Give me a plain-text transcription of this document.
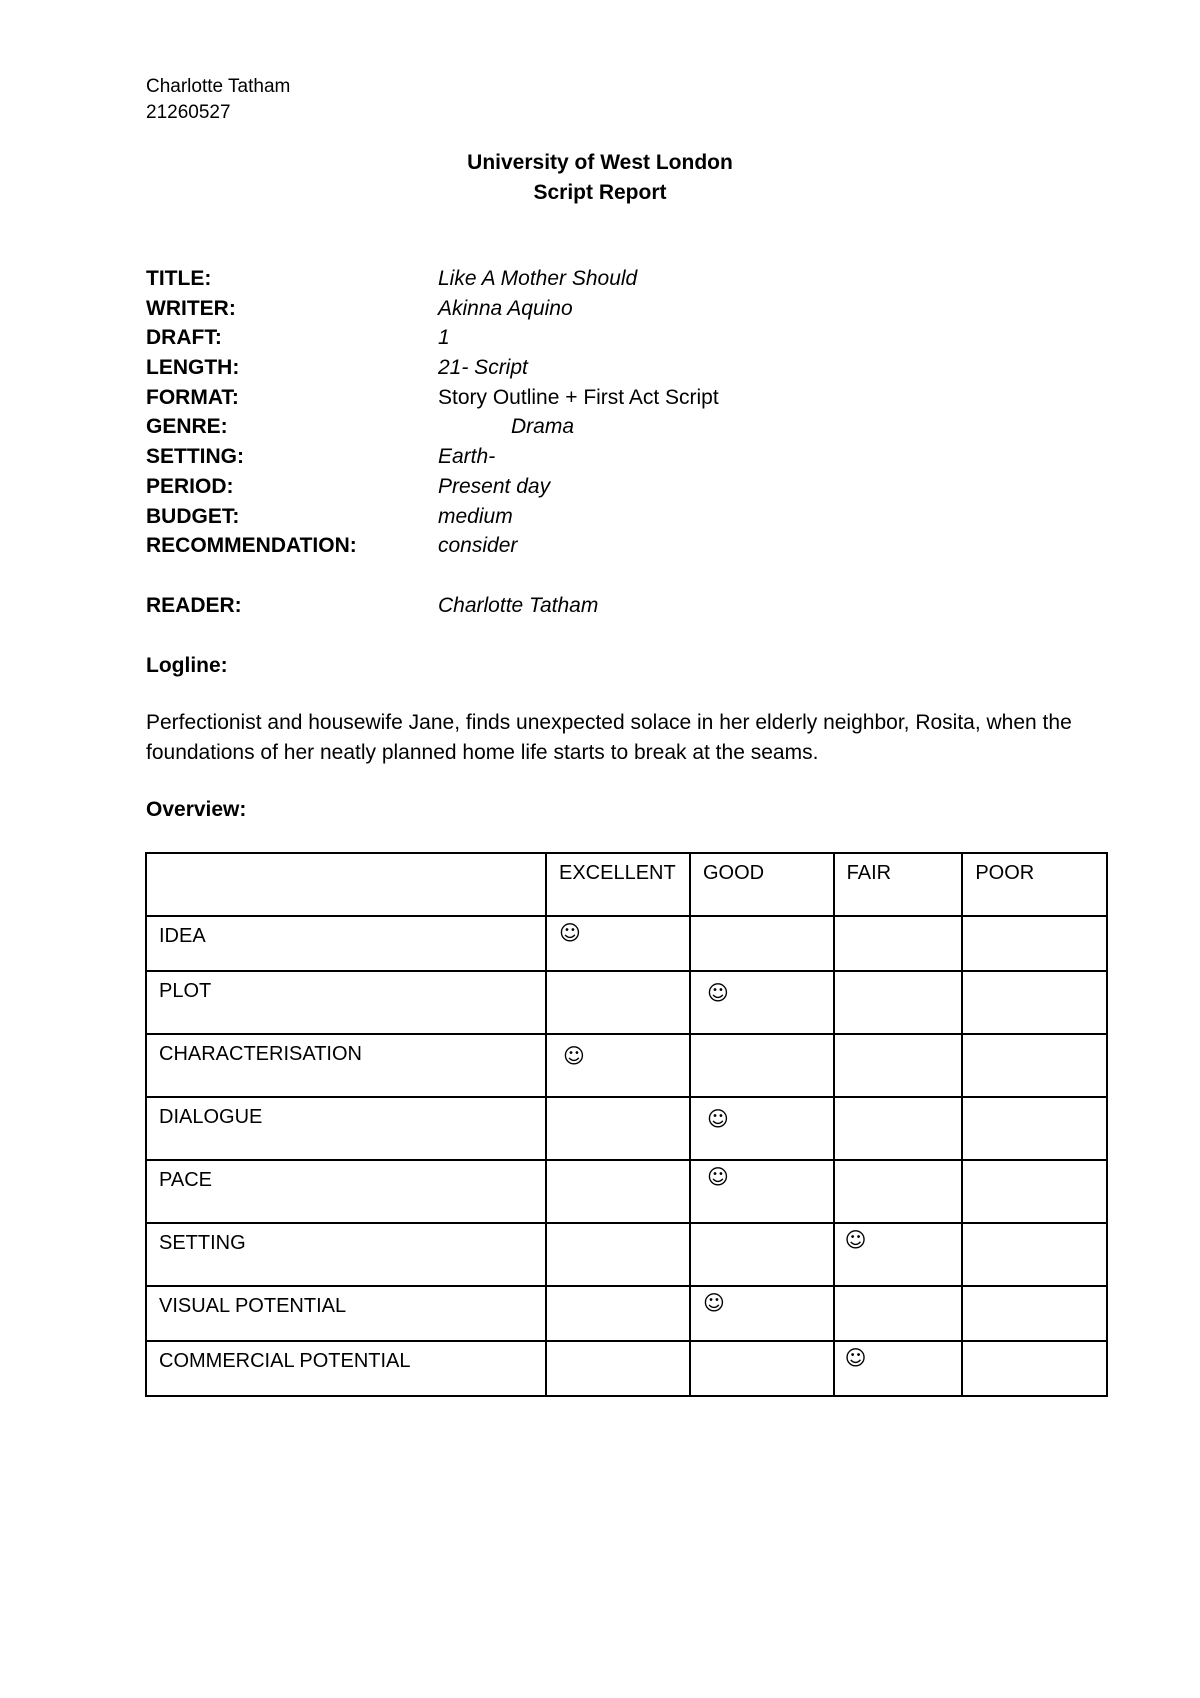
Charlotte Tatham
21260527
University of West London
Script Report
TITLE:	Like A Mother Should
WRITER:	Akinna Aquino
DRAFT:	1
LENGTH:	21- Script
FORMAT:	Story Outline + First Act Script
GENRE:	Drama
SETTING:	Earth-
PERIOD:	Present day
BUDGET:	medium
RECOMMENDATION:	consider
READER:	Charlotte Tatham
Logline:
Perfectionist and housewife Jane, finds unexpected solace in her elderly neighbor, Rosita, when the foundations of her neatly planned home life starts to break at the seams.
Overview:
	EXCELLENT	GOOD	FAIR	POOR
IDEA	☺			

PLOT		☺		

CHARACTERISATION	☺			

DIALOGUE		☺		

PACE		☺		

SETTING			☺	

VISUAL POTENTIAL		☺		

COMMERCIAL POTENTIAL			☺	
